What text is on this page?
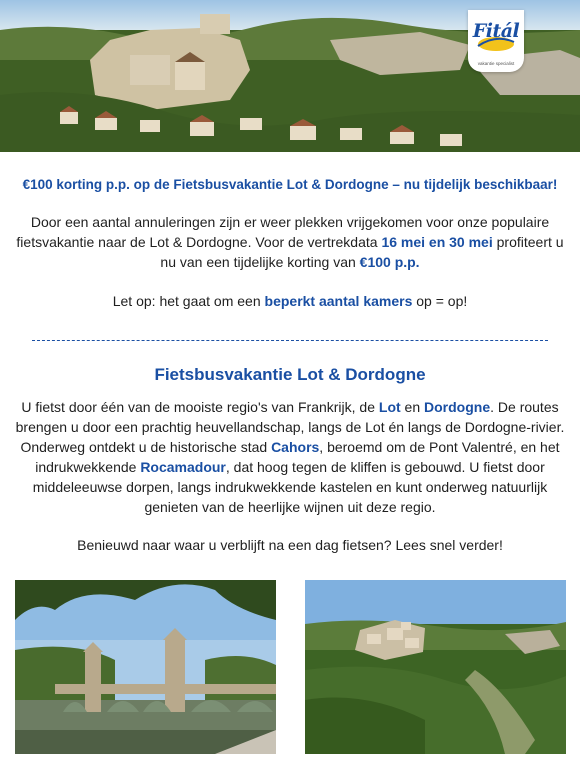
Fitál
vakantie specialist
€100 korting p.p. op de Fietsbusvakantie Lot & Dordogne – nu tijdelijk beschikbaar!
Door een aantal annuleringen zijn er weer plekken vrijgekomen voor onze populaire fietsvakantie naar de Lot & Dordogne. Voor de vertrekdata 16 mei en 30 mei profiteert u nu van een tijdelijke korting van €100 p.p.
Let op: het gaat om een beperkt aantal kamers op = op!
Fietsbusvakantie Lot & Dordogne
U fietst door één van de mooiste regio's van Frankrijk, de Lot en Dordogne. De routes brengen u door een prachtig heuvellandschap, langs de Lot én langs de Dordogne-rivier. Onderweg ontdekt u de historische stad Cahors, beroemd om de Pont Valentré, en het indrukwekkende Rocamadour, dat hoog tegen de kliffen is gebouwd. U fietst door middeleeuwse dorpen, langs indrukwekkende kastelen en kunt onderweg natuurlijk genieten van de heerlijke wijnen uit deze regio.
Benieuwd naar waar u verblijft na een dag fietsen? Lees snel verder!
